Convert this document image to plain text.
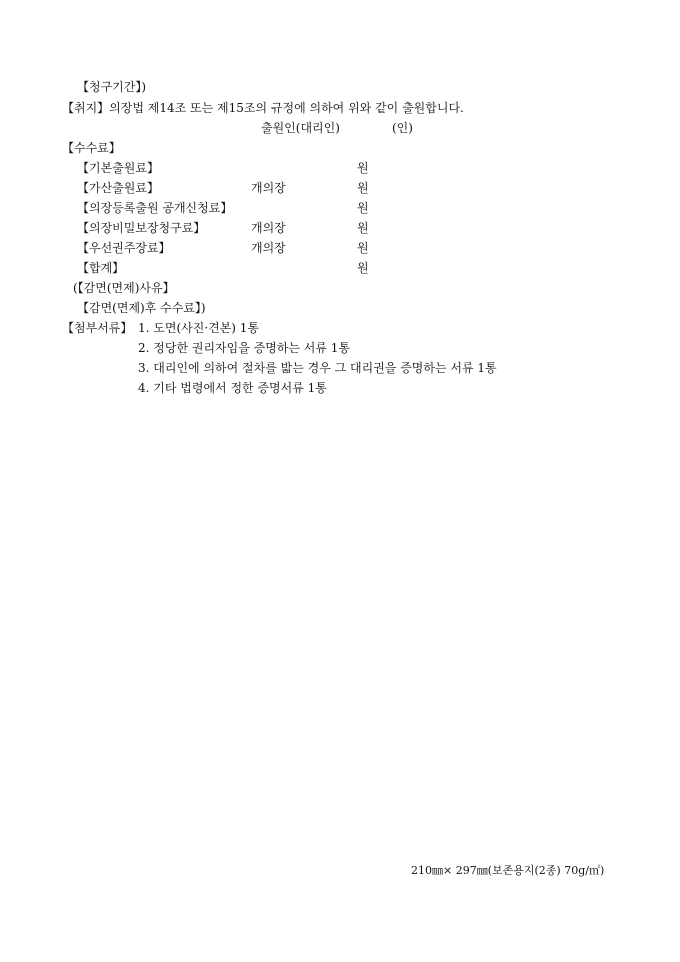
【청구기간】)
【취지】의장법 제14조 또는 제15조의 규정에 의하여 위와 같이 출원합니다.
출원인(대리인)	(인)
【수수료】
【기본출원료】	원
【가산출원료】	개의장	원
【의장등록출원 공개신청료】	원
【의장비밀보장청구료】	개의장	원
【우선권주장료】	개의장	원
【합계】	원
(【감면(면제)사유】
【감면(면제)후 수수료】)
【첨부서류】 1. 도면(사진·견본) 1통
2. 정당한 권리자임을 증명하는 서류 1통
3. 대리인에 의하여 절차를 밟는 경우 그 대리권을 증명하는 서류 1통
4. 기타 법령에서 정한 증명서류 1통
210㎜× 297㎜(보존용지(2종) 70g/㎡)
